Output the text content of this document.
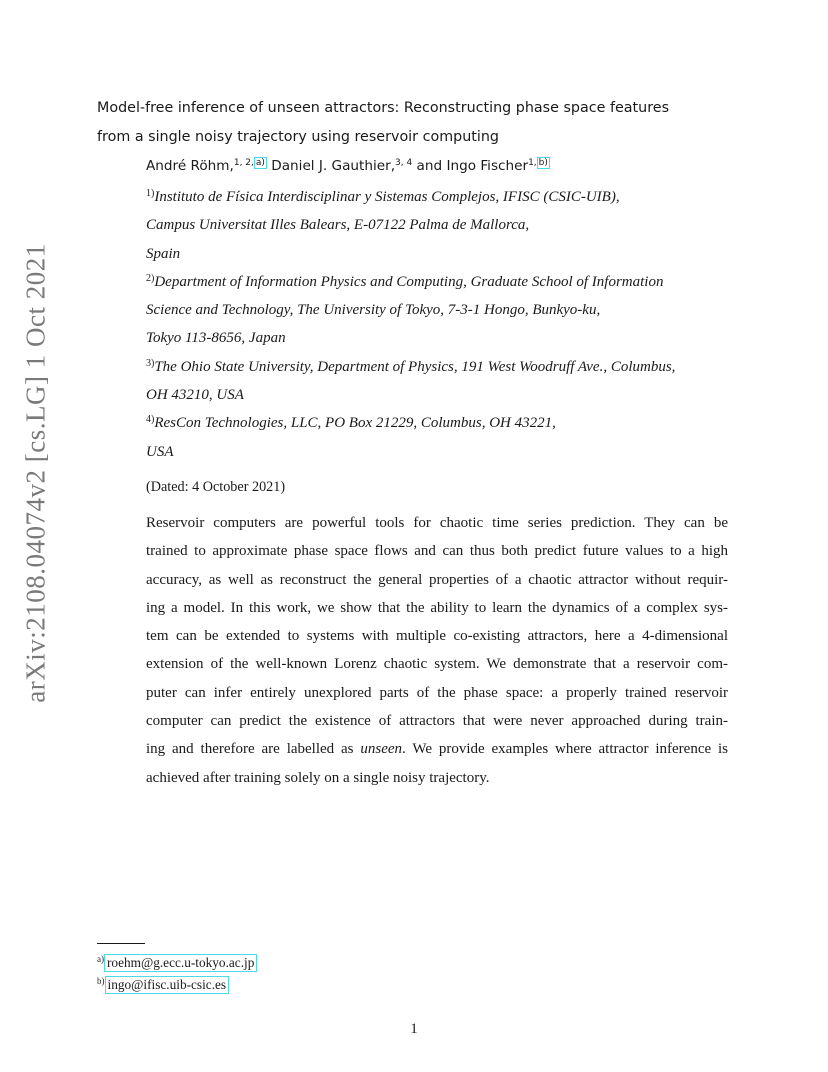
arXiv:2108.04074v2 [cs.LG] 1 Oct 2021
Model-free inference of unseen attractors: Reconstructing phase space features
from a single noisy trajectory using reservoir computing
André Röhm,$^{1, 2, a)}$ Daniel J. Gauthier,$^{3, 4}$ and Ingo Fischer$^{1, b)}$
$^{1)}$Instituto de Física Interdisciplinar y Sistemas Complejos, IFISC (CSIC-UIB),
Campus Universitat Illes Balears, E-07122 Palma de Mallorca,
Spain
$^{2)}$Department of Information Physics and Computing, Graduate School of Information
Science and Technology, The University of Tokyo, 7-3-1 Hongo, Bunkyo-ku,
Tokyo 113-8656, Japan
$^{3)}$The Ohio State University, Department of Physics, 191 West Woodruff Ave., Columbus,
OH 43210, USA
$^{4)}$ResCon Technologies, LLC, PO Box 21229, Columbus, OH 43221,
USA
(Dated: 4 October 2021)
Reservoir computers are powerful tools for chaotic time series prediction. They can be
trained to approximate phase space flows and can thus both predict future values to a high
accuracy, as well as reconstruct the general properties of a chaotic attractor without requir-
ing a model. In this work, we show that the ability to learn the dynamics of a complex sys-
tem can be extended to systems with multiple co-existing attractors, here a 4-dimensional
extension of the well-known Lorenz chaotic system. We demonstrate that a reservoir com-
puter can infer entirely unexplored parts of the phase space: a properly trained reservoir
computer can predict the existence of attractors that were never approached during train-
ing and therefore are labelled as unseen. We provide examples where attractor inference is
achieved after training solely on a single noisy trajectory.
$^{a)}$ roehm@g.ecc.u-tokyo.ac.jp
$^{b)}$ ingo@ifisc.uib-csic.es
1
